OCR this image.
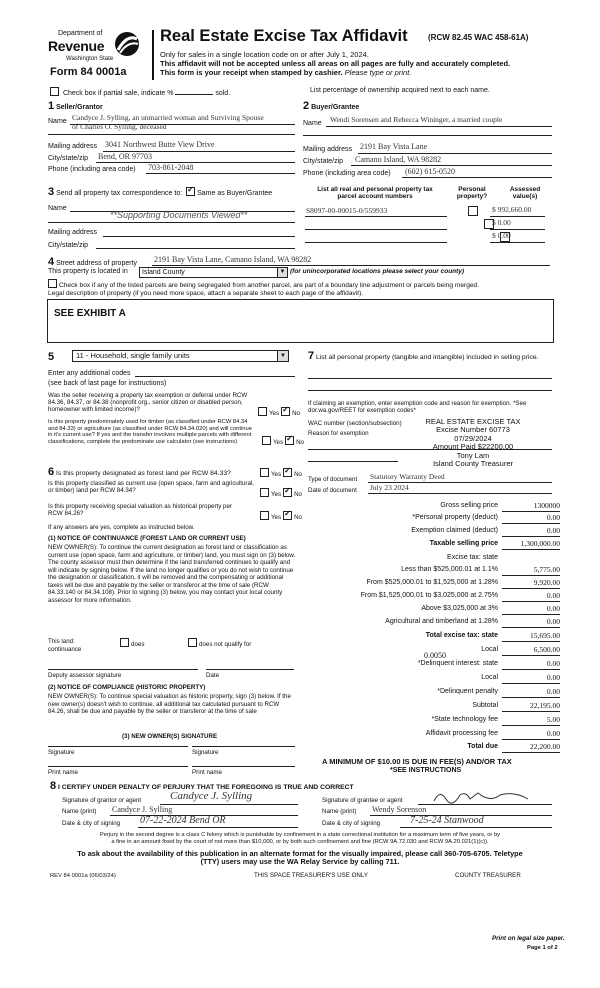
Department of
Revenue
Washington State
Form 84 0001a
Real Estate Excise Tax Affidavit	(RCW 82.45 WAC 458-61A)
Only for sales in a single location code on or after July 1, 2024.
This affidavit will not be accepted unless all areas on all pages are fully and accurately completed.
This form is your receipt when stamped by cashier. Please type or print.
Check box if partial sale, indicate %	sold.	List percentage of ownership acquired next to each name.
1 Seller/Grantor
Name Candyce J. Sylling, an unmarried woman and Surviving Spouse
of Charles O. Sylling, deceased
Mailing address 3041 Northwest Butte View Drive
City/state/zip Bend, OR 97703
Phone (including area code) 703-861-2048
2 Buyer/Grantee
Name Wendi Sorensen and Rebecca Wininger, a married couple
Mailing address 2191 Bay Vista Lane
City/state/zip Camano Island, WA 98282
Phone (including area code) (602) 615-0520
3 Send all property tax correspondence to: ✓ Same as Buyer/Grantee
Name
**Supporting Documents Viewed**
Mailing address
City/state/zip
List all real and personal property tax
parcel account numbers
Personal
property?
Assessed
value(s)
S8097-00-00015-0/559933
	$ 992,660.00
$ 0.00
$ 0.00
4 Street address of property 2191 Bay Vista Lane, Camano Island, WA 98282
This property is located in	Island County	▼ (for unincorporated locations please select your county)
Check box if any of the listed parcels are being segregated from another parcel, are part of a boundary line adjustment or parcels being merged.
Legal description of property (if you need more space, attach a separate sheet to each page of the affidavit).
SEE EXHIBIT A
5	11 - Household, single family units	▼
Enter any additional codes
(see back of last page for instructions)
Was the seller receiving a property tax exemption or deferral under RCW 84.36, 84.37, or 84.38 (nonprofit org., senior citizen or disabled person, homeowner with limited income)?
Yes ✓ No
Is this property predominately used for timber (as classified under RCW 84.34 and 84.33) or agriculture (as classified under RCW 84.34.020) and will continue in it's current use? If yes and the transfer involves multiple parcels with different classifications, complete the predominate use calculator (see instructions)	Yes ✓ No
6 Is this property designated as forest land per RCW 84.33?	Yes ✓ No
Is this property classified as current use (open space, farm and agricultural, or timber) land per RCW 84.34?
Yes ✓ No
Is this property receiving special valuation as historical property per RCW 84.26?
Yes ✓ No
If any answers are yes, complete as instructed below.
(1) NOTICE OF CONTINUANCE (FOREST LAND OR CURRENT USE)
NEW OWNER(S): To continue the current designation as forest land or classification as current use (open space, farm and agriculture, or timber) land, you must sign on (3) below. The county assessor must then determine if the land transferred continues to qualify and will indicate by signing below. If the land no longer qualifies or you do not wish to continue the designation or classification, it will be removed and the compensating or additional taxes will be due and payable by the seller or transferor at the time of sale (RCW 84.33.140 or 84.34.108). Prior to signing (3) below, you may contact your local county assessor for more information.
This land:
continuance
does	does not qualify for
Deputy assessor signature	Date
(2) NOTICE OF COMPLIANCE (HISTORIC PROPERTY)
NEW OWNER(S): To continue special valuation as historic property, sign (3) below. If the new owner(s) doesn't wish to continue, all additional tax calculated pursuant to RCW 84.26, shall be due and payable by the seller or transferor at the time of sale
(3) NEW OWNER(S) SIGNATURE
Signature	Signature
Print name	Print name
7 List all personal property (tangible and intangible) included in selling price.
If claiming an exemption, enter exemption code and reason for exemption. *See dor.wa.gov/REET for exemption codes*
WAC number (section/subsection)
Reason for exemption
REAL ESTATE EXCISE TAX
Excise Number 60773
07/29/2024
Amount Paid $22200.00
Tony Lam
Island County Treasurer
Type of document Statutory Warranty Deed
Date of document July 23 2024
Gross selling price	1300000
*Personal property (deduct)	0.00
Exemption claimed (deduct)	0.00
Taxable selling price	1,300,000.00
Excise tax: state
Less than $525,000.01 at 1.1%	5,775.00
From $525,000.01 to $1,525,000 at 1.28%	9,920.00
From $1,525,000.01 to $3,025,000 at 2.75%	0.00
Above $3,025,000 at 3%	0.00
Agricultural and timberland at 1.28%	0.00
Total excise tax: state	15,695.00
Local	6,500.00
*Delinquent interest: state	0.00
Local	0.00
*Delinquent penalty	0.00
Subtotal	22,195.00
*State technology fee	5.00
Affidavit processing fee	0.00
Total due	22,200.00
0.0050
A MINIMUM OF $10.00 IS DUE IN FEE(S) AND/OR TAX
*SEE INSTRUCTIONS
8 I CERTIFY UNDER PENALTY OF PERJURY THAT THE FOREGOING IS TRUE AND CORRECT
Signature of grantor or agent	Candyce J. Sylling
Name (print) Candyce J. Sylling
Date & city of signing 07-22-2024 Bend OR
Signature of grantee or agent
Name (print) Wendy Sorenson
Date & city of signing	7-25-24 Stanwood
Perjury in the second degree is a class C felony which is punishable by confinement in a state correctional institution for a maximum term of five years, or by
a fine in an amount fixed by the court of not more than $10,000, or by both such confinement and fine (RCW 9A.72.030 and RCW 9A.20.021(1)(c)).
To ask about the availability of this publication in an alternate format for the visually impaired, please call 360-705-6705. Teletype
(TTY) users may use the WA Relay Service by calling 711.
REV 84 0001a (06/03/24)	THIS SPACE TREASURER'S USE ONLY	COUNTY TREASURER
Print on legal size paper.
Page 1 of 2
